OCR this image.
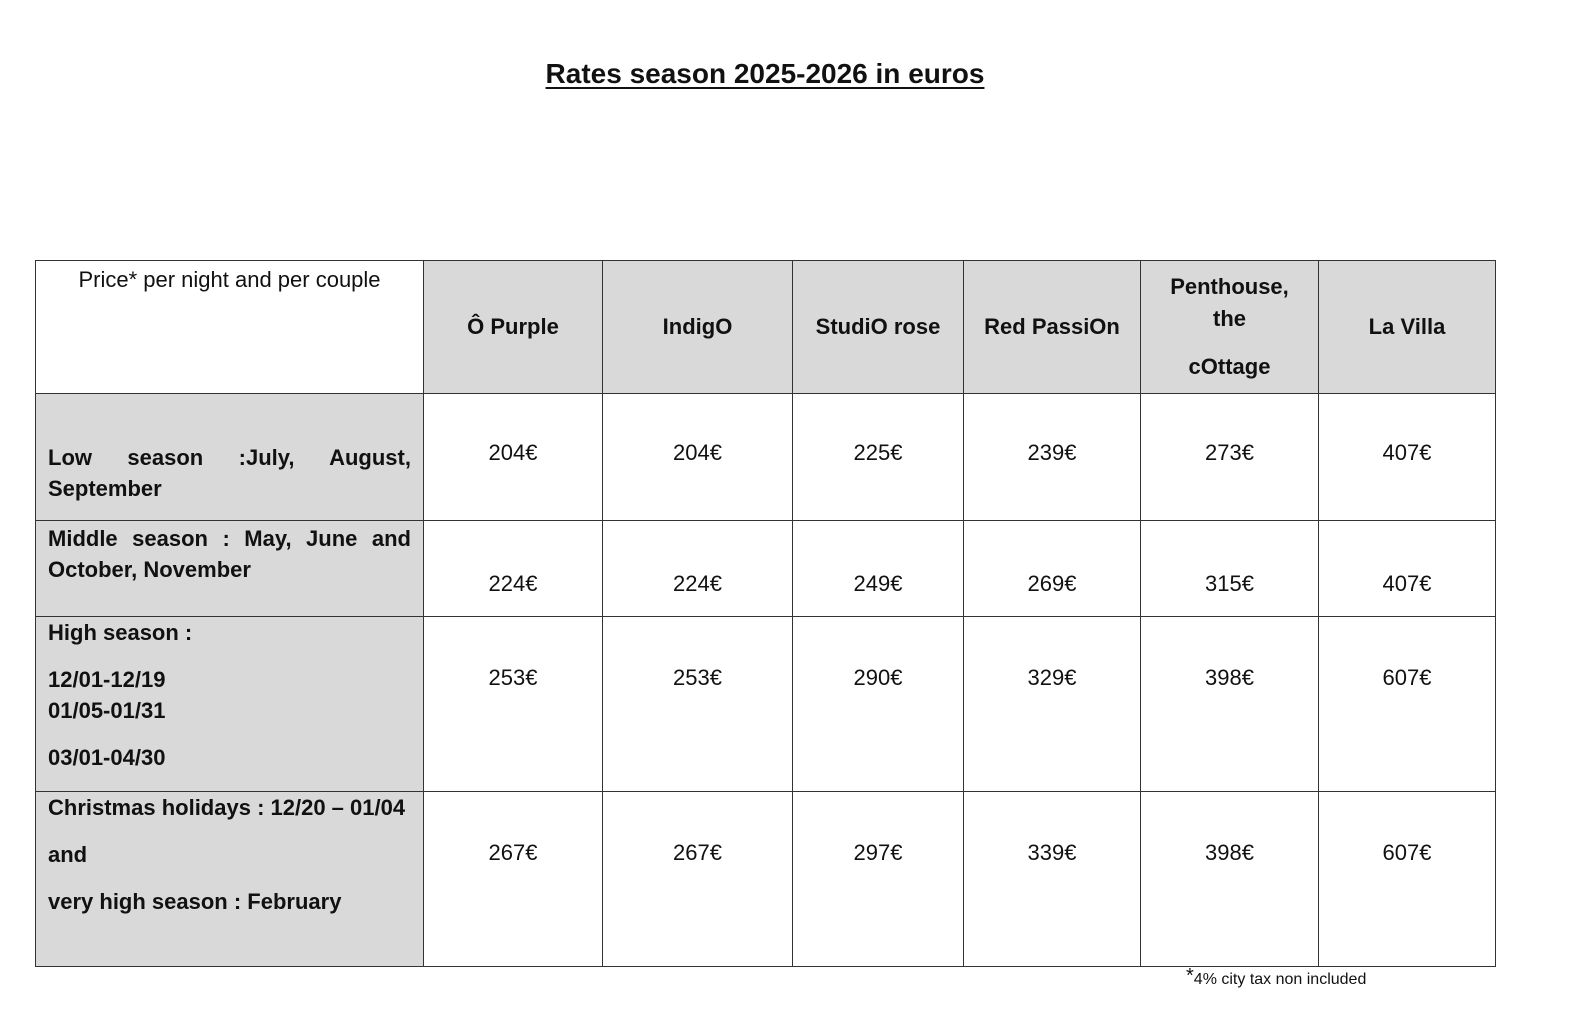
Rates season 2025-2026 in euros
Price* per night and per couple	Ô Purple	IndigO	StudiO rose	Red PassiOn	Penthouse,
the
cOttage	La Villa

Low season :July, August, September	204€	204€	225€	239€	273€	407€

Middle season : May, June and October, November	224€	224€	249€	269€	315€	407€

High season :

12/01-12/19

01/05-01/31

03/01-04/30	253€	253€	290€	329€	398€	607€

Christmas holidays : 12/20 – 01/04

and

very high season : February	267€	267€	297€	339€	398€	607€
*4% city tax non included
